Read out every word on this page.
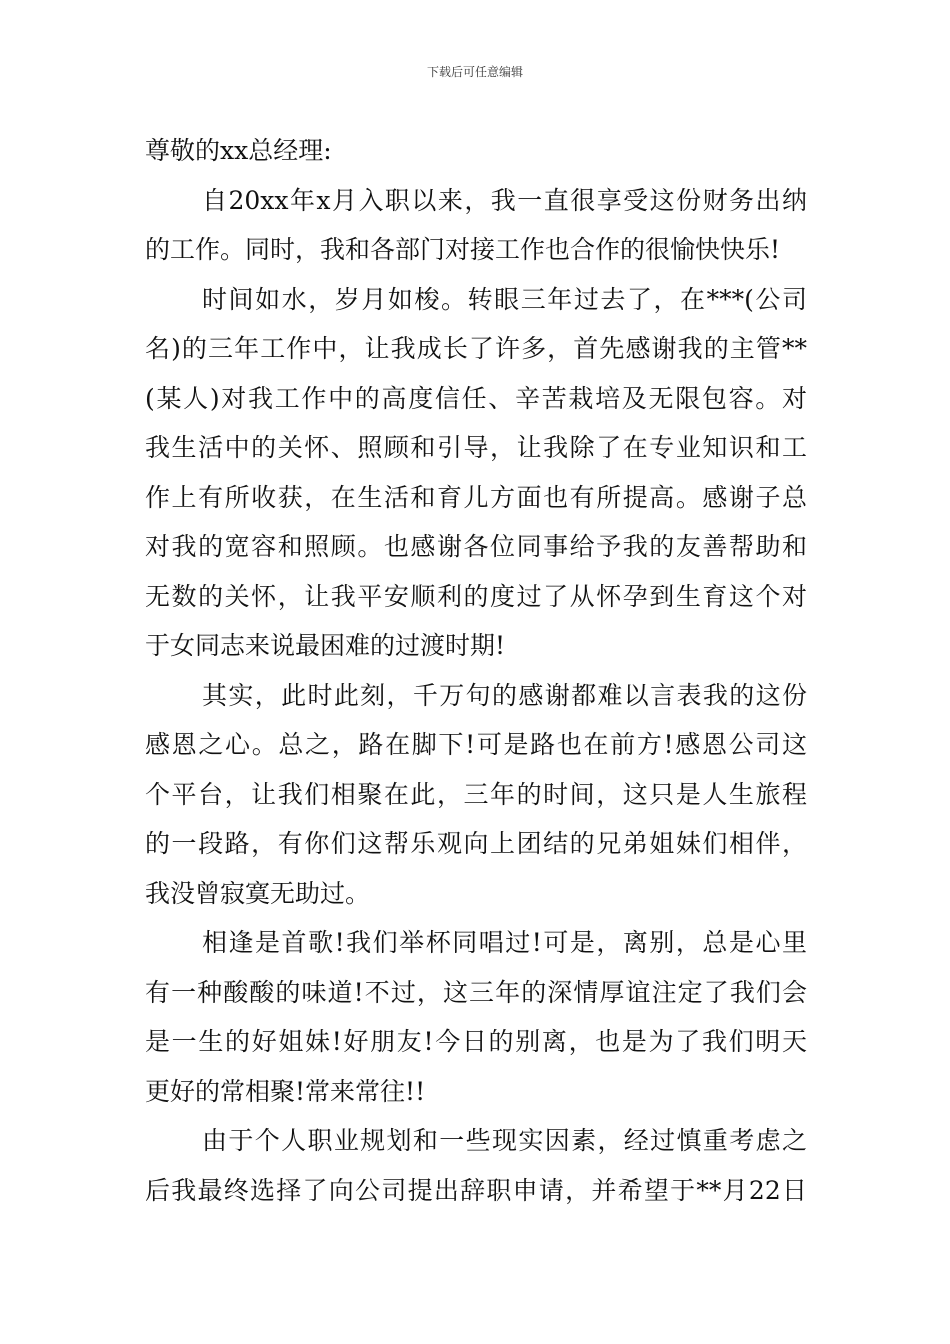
下载后可任意编辑
尊敬的xx总经理:
自20xx年x月入职以来，我一直很享受这份财务出纳
的工作。同时，我和各部门对接工作也合作的很愉快快乐!
时间如水，岁月如梭。转眼三年过去了，在***(公司
名)的三年工作中，让我成长了许多，首先感谢我的主管**
(某人)对我工作中的高度信任、辛苦栽培及无限包容。对
我生活中的关怀、照顾和引导，让我除了在专业知识和工
作上有所收获，在生活和育儿方面也有所提高。感谢子总
对我的宽容和照顾。也感谢各位同事给予我的友善帮助和
无数的关怀，让我平安顺利的度过了从怀孕到生育这个对
于女同志来说最困难的过渡时期!
其实，此时此刻，千万句的感谢都难以言表我的这份
感恩之心。总之，路在脚下!可是路也在前方!感恩公司这
个平台，让我们相聚在此，三年的时间，这只是人生旅程
的一段路，有你们这帮乐观向上团结的兄弟姐妹们相伴，
我没曾寂寞无助过。
相逢是首歌!我们举杯同唱过!可是，离别，总是心里
有一种酸酸的味道!不过，这三年的深情厚谊注定了我们会
是一生的好姐妹!好朋友!今日的别离，也是为了我们明天
更好的常相聚!常来常往!!
由于个人职业规划和一些现实因素，经过慎重考虑之
后我最终选择了向公司提出辞职申请，并希望于**月22日
